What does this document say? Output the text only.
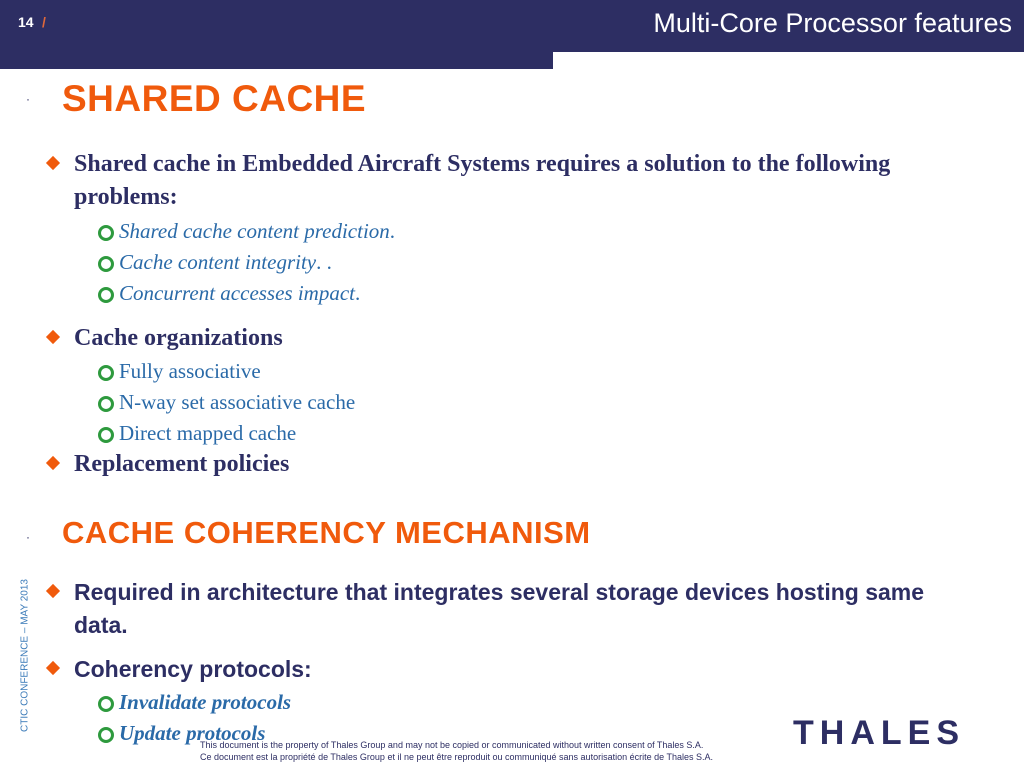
14 /	Multi-Core Processor features
· SHARED CACHE
Shared cache in Embedded Aircraft Systems requires a solution to the following problems:
Shared cache content prediction.
Cache content integrity. .
Concurrent accesses impact.
Cache organizations
Fully associative
N-way set associative cache
Direct mapped cache
Replacement policies
· CACHE COHERENCY MECHANISM
Required in architecture that integrates several storage devices hosting same data.
Coherency protocols:
Invalidate protocols
Update protocols
CTIC CONFERENCE – MAY 2013
This document is the property of Thales Group and may not be copied or communicated without written consent of Thales S.A.
Ce document est la propriété de Thales Group et il ne peut être reproduit ou communiqué sans autorisation écrite de Thales S.A.
THALES
